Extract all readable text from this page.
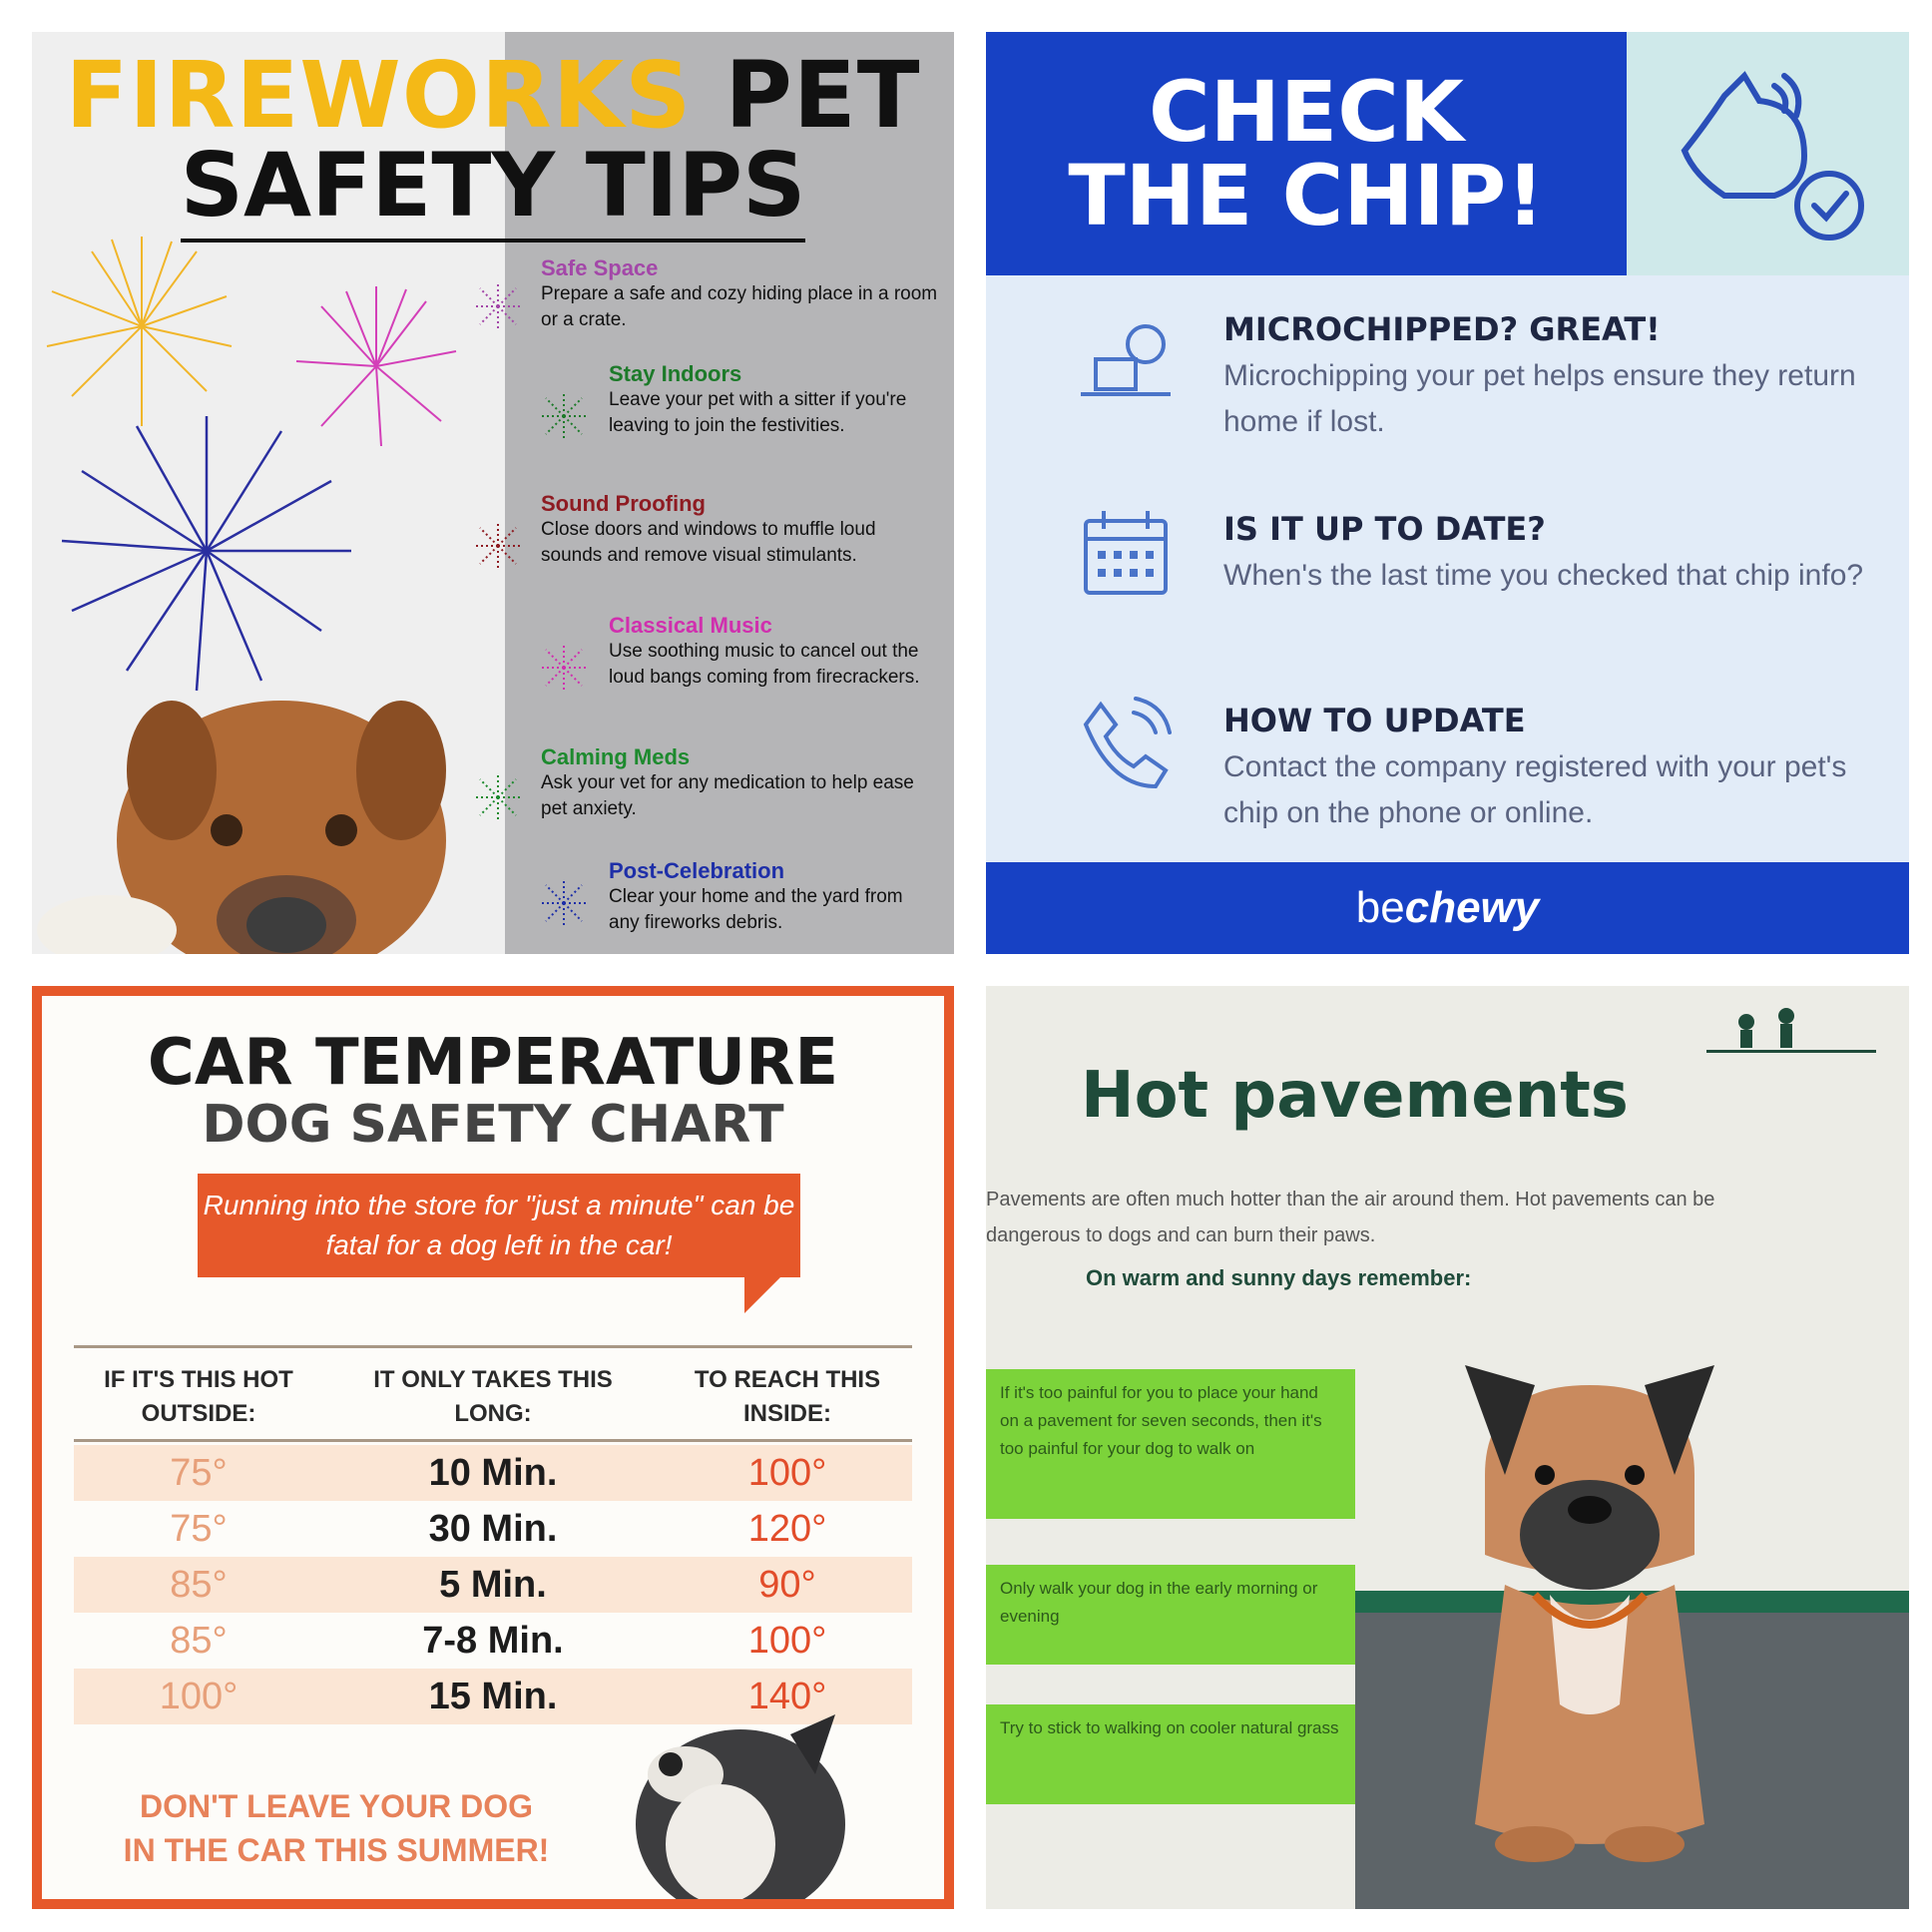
FIREWORKS PET
SAFETY TIPS
Safe Space
Prepare a safe and cozy hiding place in a room or a crate.
Stay Indoors
Leave your pet with a sitter if you're leaving to join the festivities.
Sound Proofing
Close doors and windows to muffle loud sounds and remove visual stimulants.
Classical Music
Use soothing music to cancel out the loud bangs coming from firecrackers.
Calming Meds
Ask your vet for any medication to help ease pet anxiety.
Post-Celebration
Clear your home and the yard from any fireworks debris.
CHECK
THE CHIP!
MICROCHIPPED? GREAT!
Microchipping your pet helps ensure they return home if lost.
IS IT UP TO DATE?
When's the last time you checked that chip info?
HOW TO UPDATE
Contact the company registered with your pet's chip on the phone or online.
bechewy
CAR TEMPERATURE
DOG SAFETY CHART
Running into the store for "just a minute" can be fatal for a dog left in the car!
IF IT'S THIS HOT OUTSIDE:
IT ONLY TAKES THIS LONG:
TO REACH THIS INSIDE:
75°	10 Min.	100°
75°	30 Min.	120°
85°	5 Min.	90°
85°	7-8 Min.	100°
100°	15 Min.	140°
DON'T LEAVE YOUR DOG IN THE CAR THIS SUMMER!
Hot pavements
Pavements are often much hotter than the air around them. Hot pavements can be dangerous to dogs and can burn their paws.
On warm and sunny days remember:
If it's too painful for you to place your hand on a pavement for seven seconds, then it's too painful for your dog to walk on
Only walk your dog in the early morning or evening
Try to stick to walking on cooler natural grass
